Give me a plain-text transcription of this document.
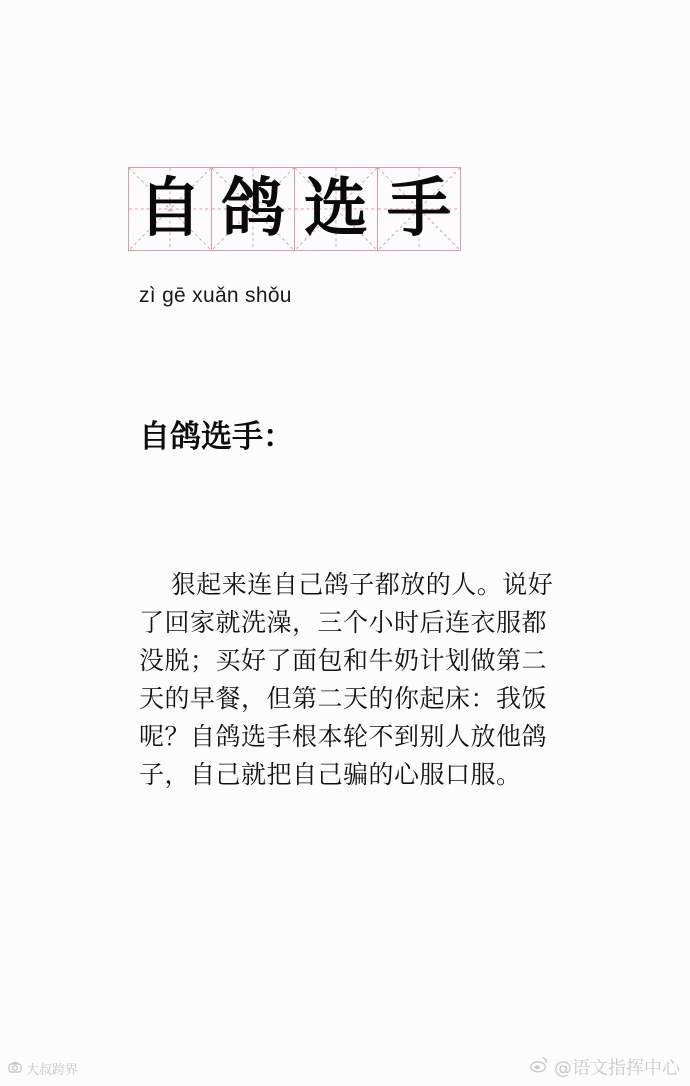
自 鸽 选 手
zì gē xuǎn shǒu
自鸽选手：
狠起来连自己鸽子都放的人。说好了回家就洗澡，三个小时后连衣服都没脱；买好了面包和牛奶计划做第二天的早餐，但第二天的你起床：我饭呢？自鸽选手根本轮不到别人放他鸽子，自己就把自己骗的心服口服。
大叔跨界	@语文指挥中心
